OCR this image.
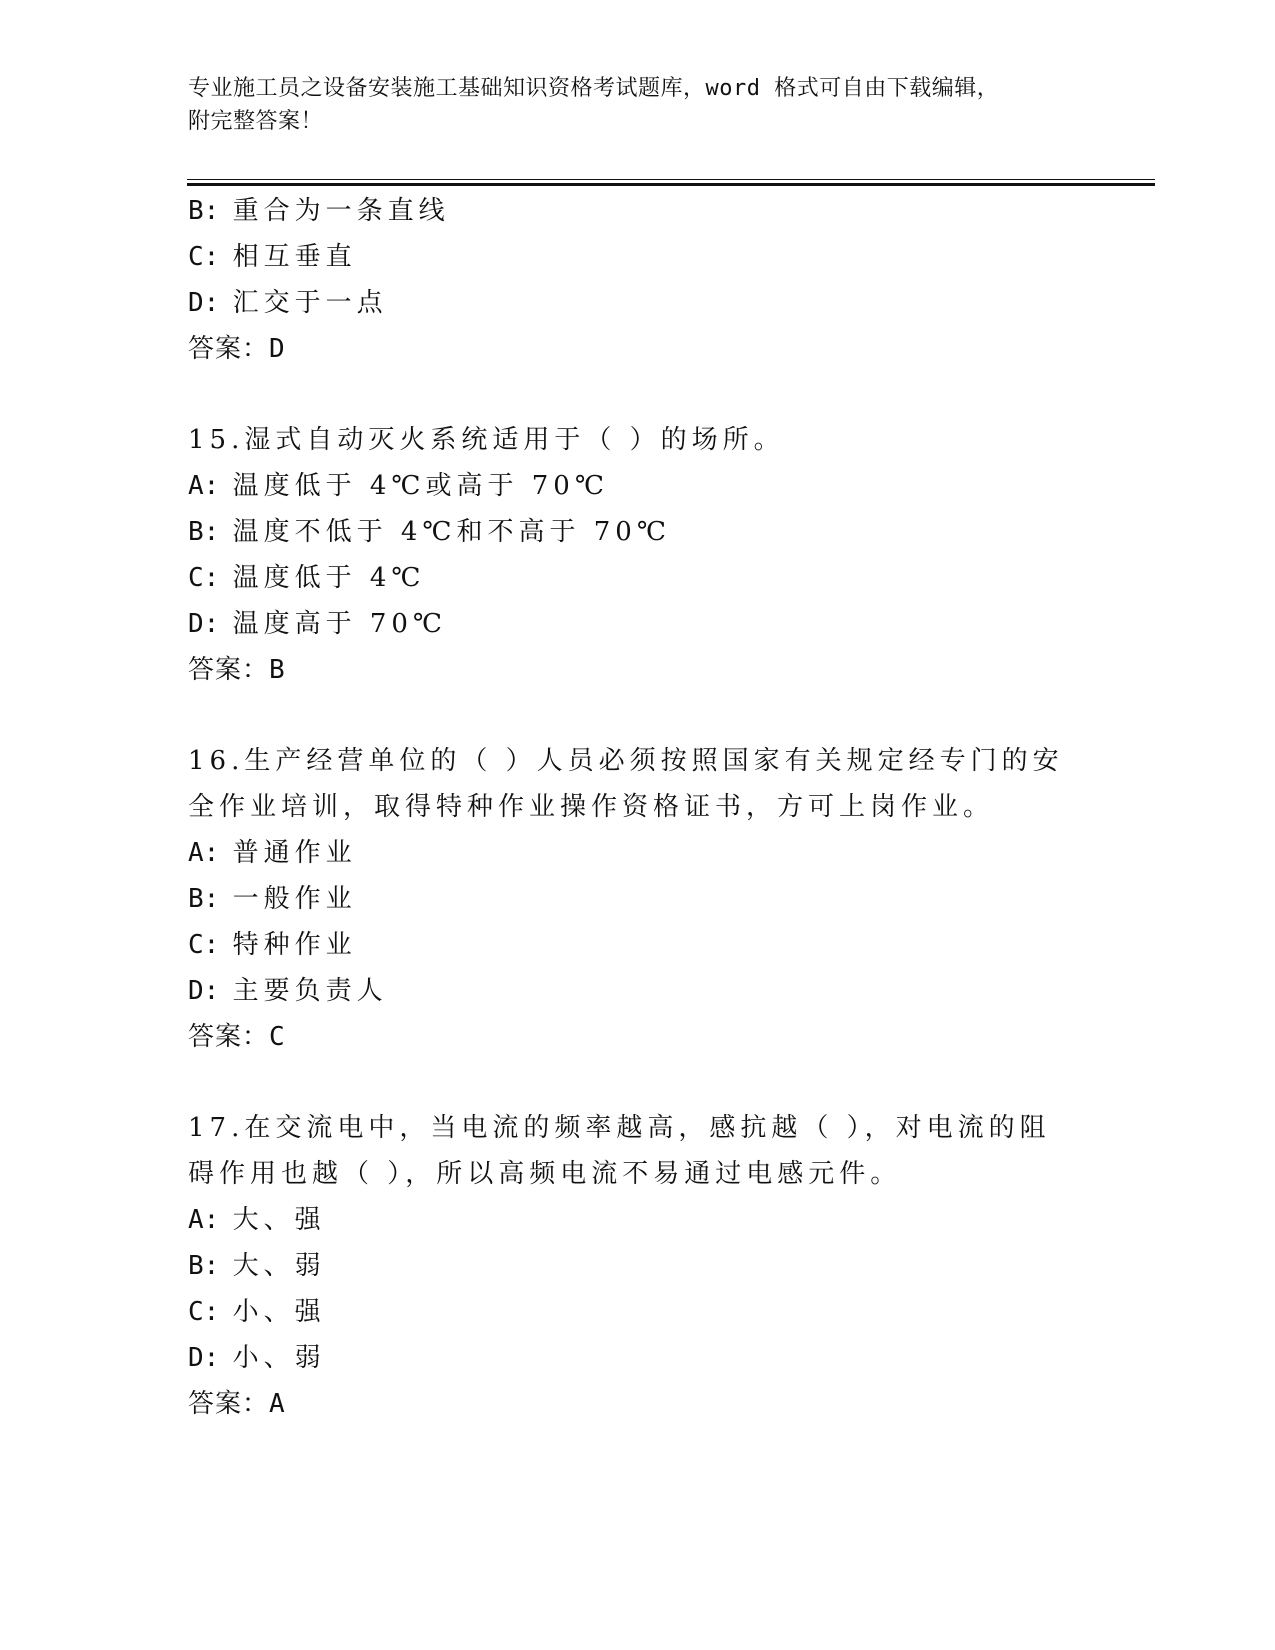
专业施工员之设备安装施工基础知识资格考试题库，word 格式可自由下载编辑，
附完整答案！
B: 重合为一条直线
C: 相互垂直
D: 汇交于一点
答案：D
15.湿式自动灭火系统适用于（ ）的场所。
A: 温度低于 4℃或高于 70℃
B: 温度不低于 4℃和不高于 70℃
C: 温度低于 4℃
D: 温度高于 70℃
答案：B
16.生产经营单位的（ ）人员必须按照国家有关规定经专门的安全作业培训，取得特种作业操作资格证书，方可上岗作业。
A: 普通作业
B: 一般作业
C: 特种作业
D: 主要负责人
答案：C
17.在交流电中，当电流的频率越高，感抗越（ ），对电流的阻碍作用也越（ ），所以高频电流不易通过电感元件。
A: 大、强
B: 大、弱
C: 小、强
D: 小、弱
答案：A
